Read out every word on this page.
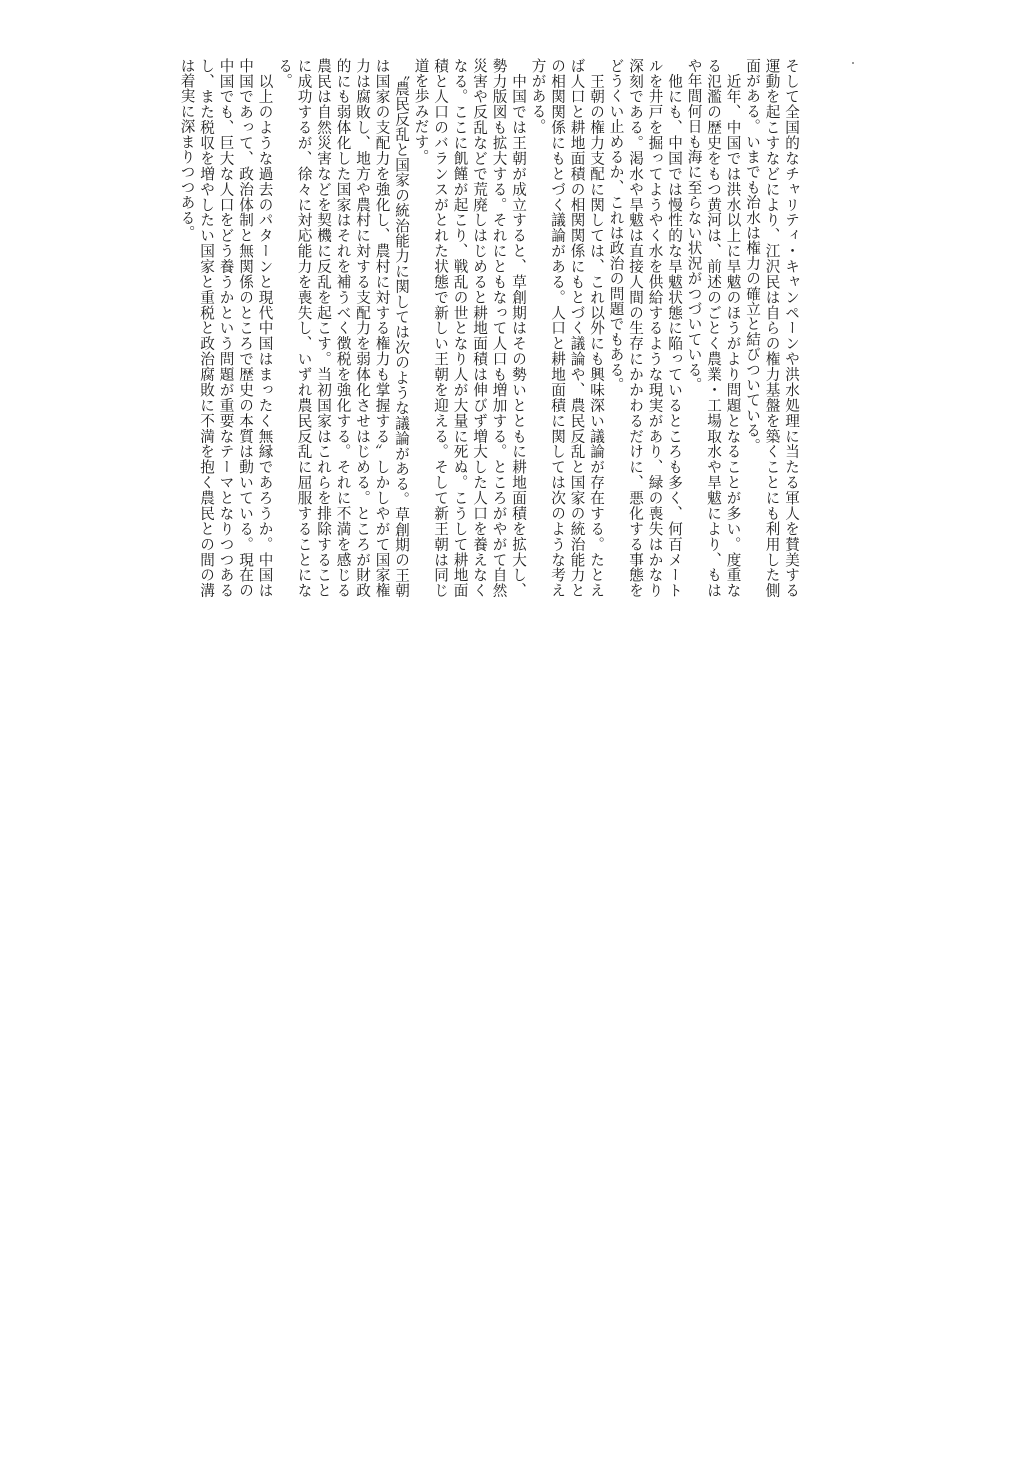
そして全国的なチャリティ・キャンペーンや洪水処理に当たる軍人を賛美する運動を起こすなどにより、江沢民は自らの権力基盤を築くことにも利用した側面がある。いまでも治水は権力の確立と結びついている。

　近年、中国では洪水以上に旱魃のほうがより問題となることが多い。度重なる氾濫の歴史をもつ黄河は、前述のごとく農業・工場取水や旱魃により、もはや年間何日も海に至らない状況がつづいている。

　他にも、中国では慢性的な旱魃状態に陥っているところも多く、何百メートルを井戸を掘ってようやく水を供給するような現実があり、緑の喪失はかなり深刻である。渇水や旱魃は直接人間の生存にかかわるだけに、悪化する事態をどうくい止めるか、これは政治の問題でもある。

　王朝の権力支配に関しては、これ以外にも興味深い議論が存在する。たとえば人口と耕地面積の相関関係にもとづく議論や、農民反乱と国家の統治能力との相関関係にもとづく議論がある。人口と耕地面積に関しては次のような考え方がある。

　中国では王朝が成立すると、草創期はその勢いとともに耕地面積を拡大し、勢力版図も拡大する。それにともなって人口も増加する。ところがやがて自然災害や反乱などで荒廃しはじめると耕地面積は伸びず増大した人口を養えなくなる。ここに飢饉が起こり、戦乱の世となり人が大量に死ぬ。こうして耕地面積と人口のバランスがとれた状態で新しい王朝を迎える。そして新王朝は同じ道を歩みだす。

　〝農民反乱と国家の統治能力に関しては次のような議論がある。草創期の王朝は国家の支配力を強化し、農村に対する権力も掌握する〟しかしやがて国家権力は腐敗し、地方や農村に対する支配力を弱体化させはじめる。ところが財政的にも弱体化した国家はそれを補うべく徴税を強化する。それに不満を感じる農民は自然災害などを契機に反乱を起こす。当初国家はこれらを排除することに成功するが、徐々に対応能力を喪失し、いずれ農民反乱に屈服することになる。

　以上のような過去のパターンと現代中国はまったく無縁であろうか。中国は中国であって、政治体制と無関係のところで歴史の本質は動いている。現在の中国でも、巨大な人口をどう養うかという問題が重要なテーマとなりつつあるし、また税収を増やしたい国家と重税と政治腐敗に不満を抱く農民との間の溝は着実に深まりつつある。
